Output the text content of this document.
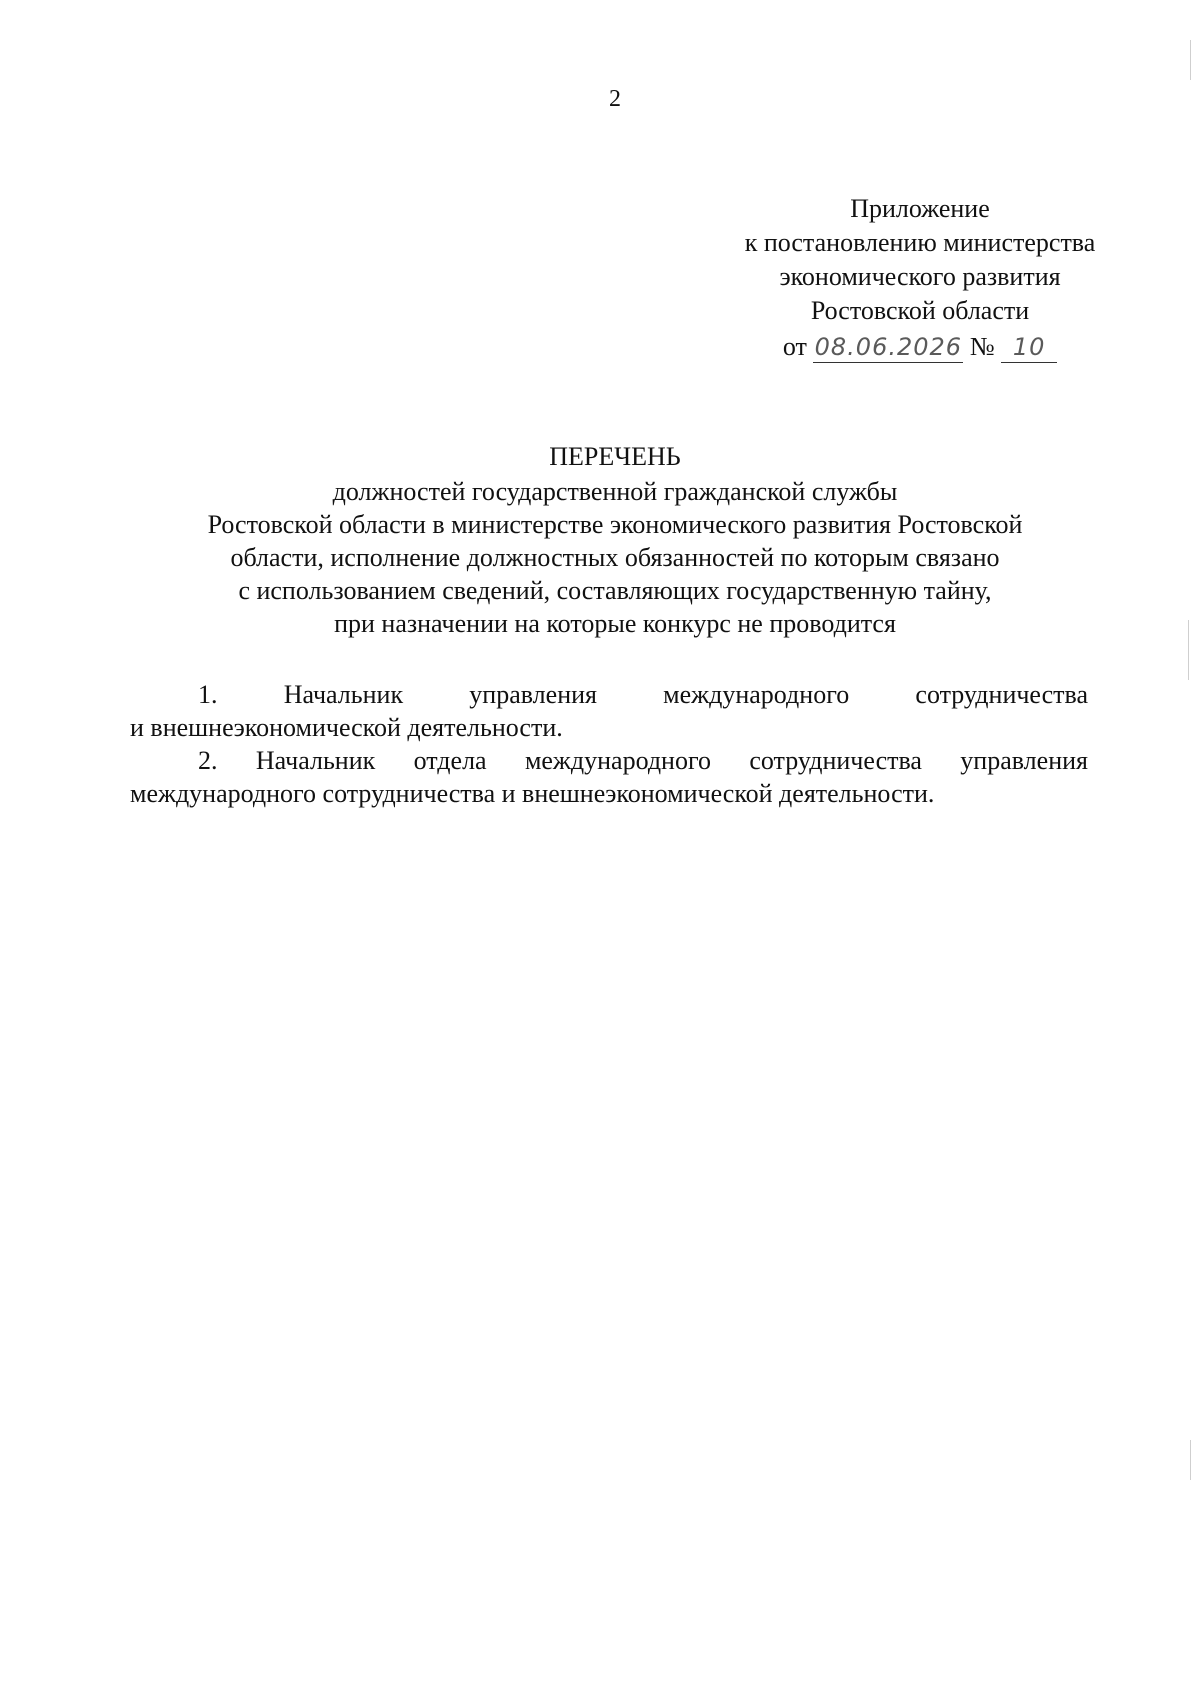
2
Приложение
к постановлению министерства
экономического развития
Ростовской области
от 08.06.2026 № 10
ПЕРЕЧЕНЬ
должностей государственной гражданской службы
Ростовской области в министерстве экономического развития Ростовской
области, исполнение должностных обязанностей по которым связано
с использованием сведений, составляющих государственную тайну,
при назначении на которые конкурс не проводится
1. Начальник управления международного сотрудничества
и внешнеэкономической деятельности.
2. Начальник отдела международного сотрудничества управления
международного сотрудничества и внешнеэкономической деятельности.
